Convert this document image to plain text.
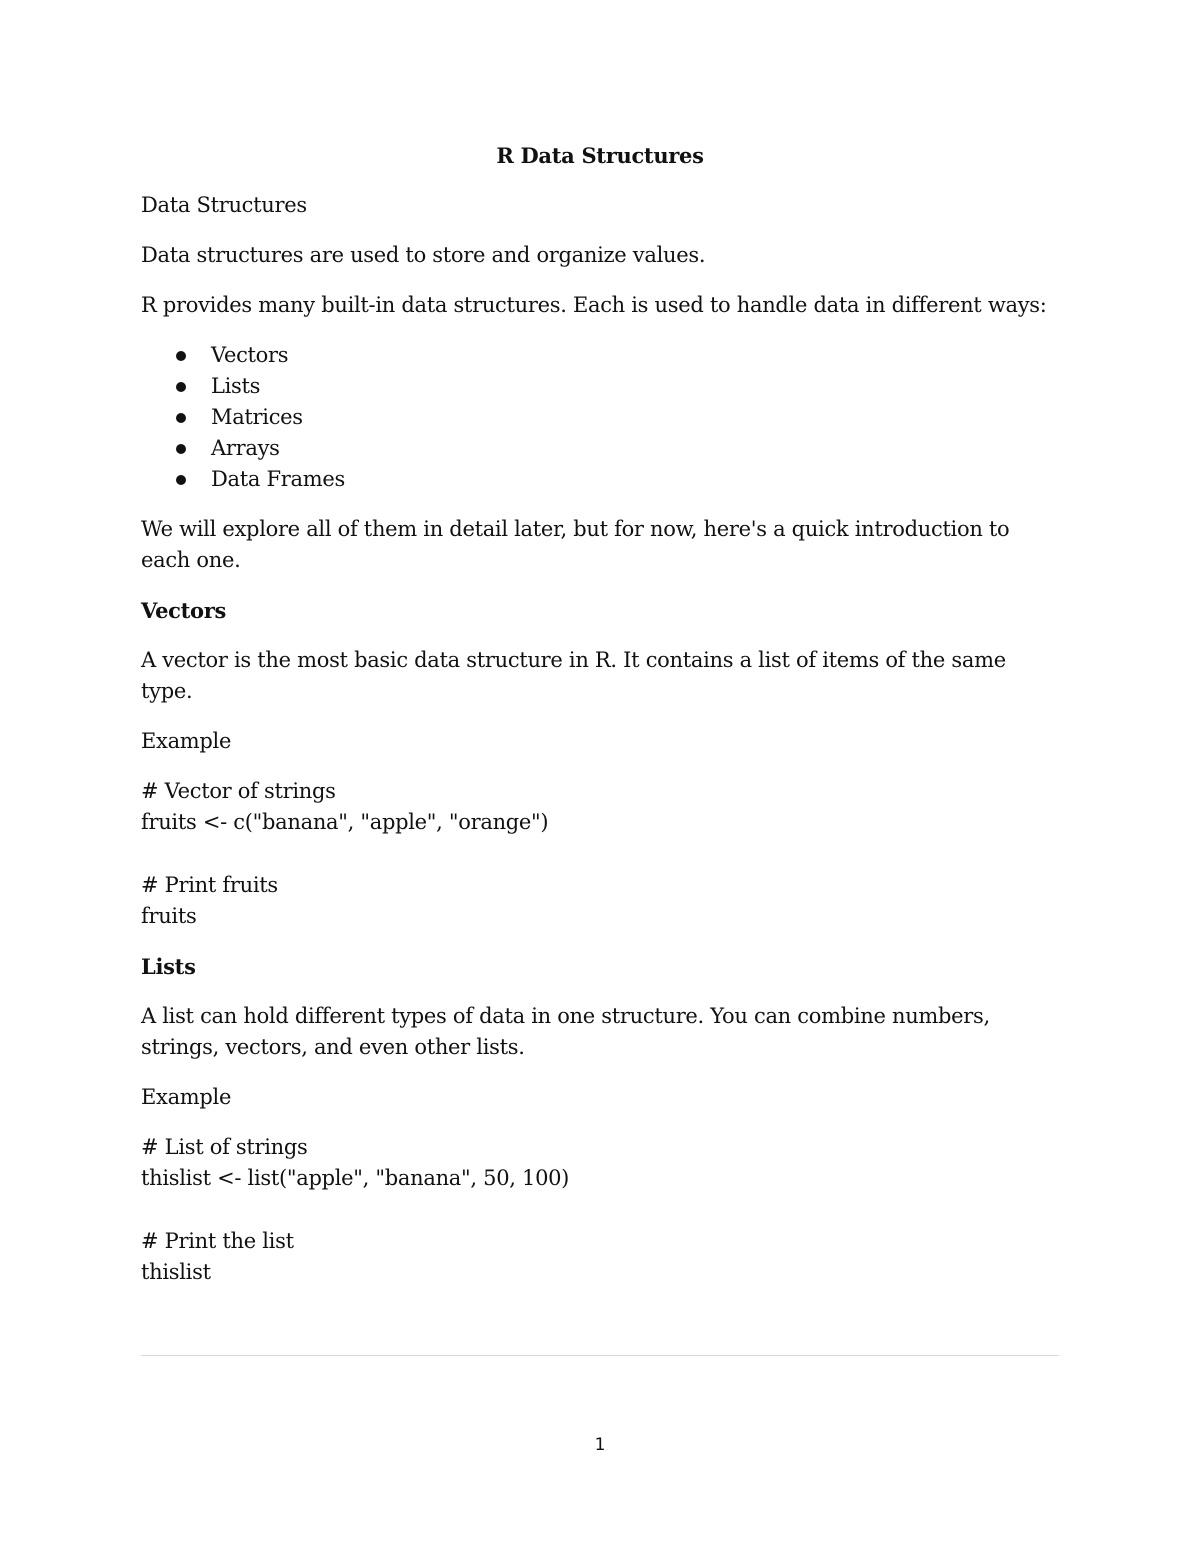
R Data Structures

Data Structures

Data structures are used to store and organize values.

R provides many built-in data structures. Each is used to handle data in different ways:

Vectors
Lists
Matrices
Arrays
Data Frames

We will explore all of them in detail later, but for now, here's a quick introduction to each one.

Vectors

A vector is the most basic data structure in R. It contains a list of items of the same type.

Example

# Vector of strings
fruits <- c("banana", "apple", "orange")
# Print fruits
fruits

Lists

A list can hold different types of data in one structure. You can combine numbers, strings, vectors, and even other lists.

Example

# List of strings
thislist <- list("apple", "banana", 50, 100)
# Print the list
thislist
1
